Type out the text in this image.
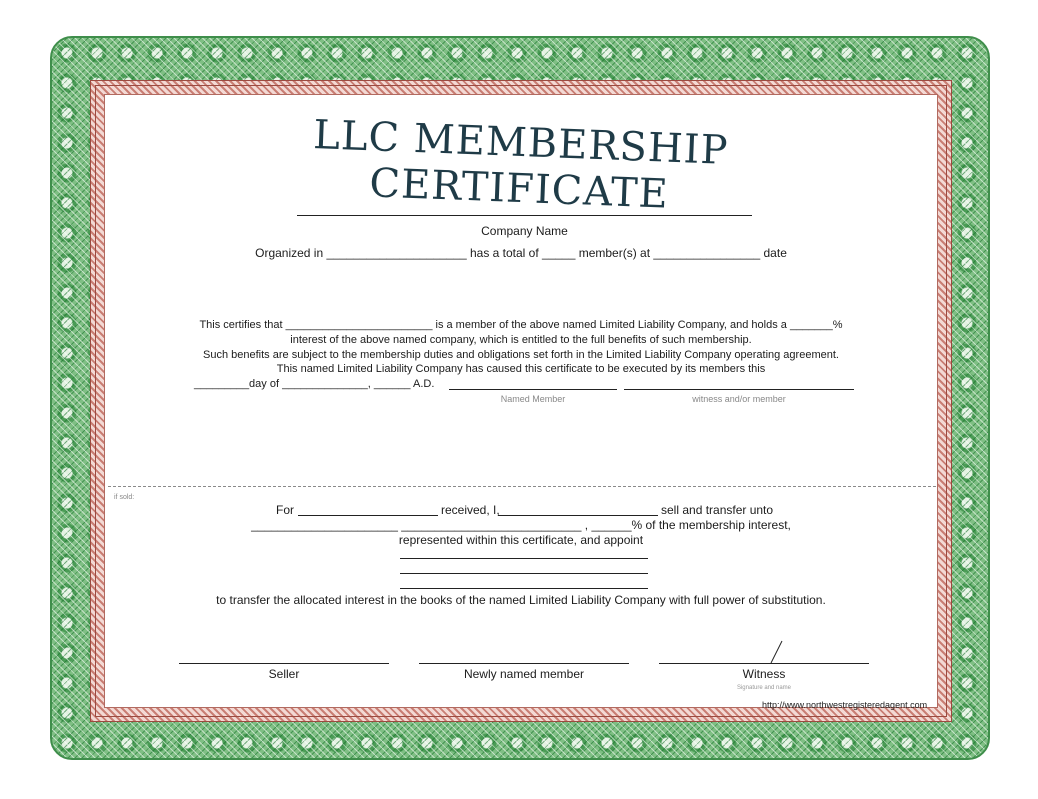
LLC MEMBERSHIP CERTIFICATE
Company Name
Organized in _____________________ has a total of _____ member(s) at ________________ date
This certifies that ________________________ is a member of the above named Limited Liability Company, and holds a _______%
interest of the above named company, which is entitled to the full benefits of such membership.
Such benefits are subject to the membership duties and obligations set forth in the Limited Liability Company operating agreement.
This named Limited Liability Company has caused this certificate to be executed by its members this
_________day of ______________, ______ A.D.
Named Member	witness and/or member
if sold:
For	received, I,	sell and transfer unto
______________________ ___________________________ , ______% of the membership interest,
represented within this certificate, and appoint
to transfer the allocated interest in the books of the named Limited Liability Company with full power of substitution.
Seller	Newly named member	Witness
Signature and name
http://www.northwestregisteredagent.com
